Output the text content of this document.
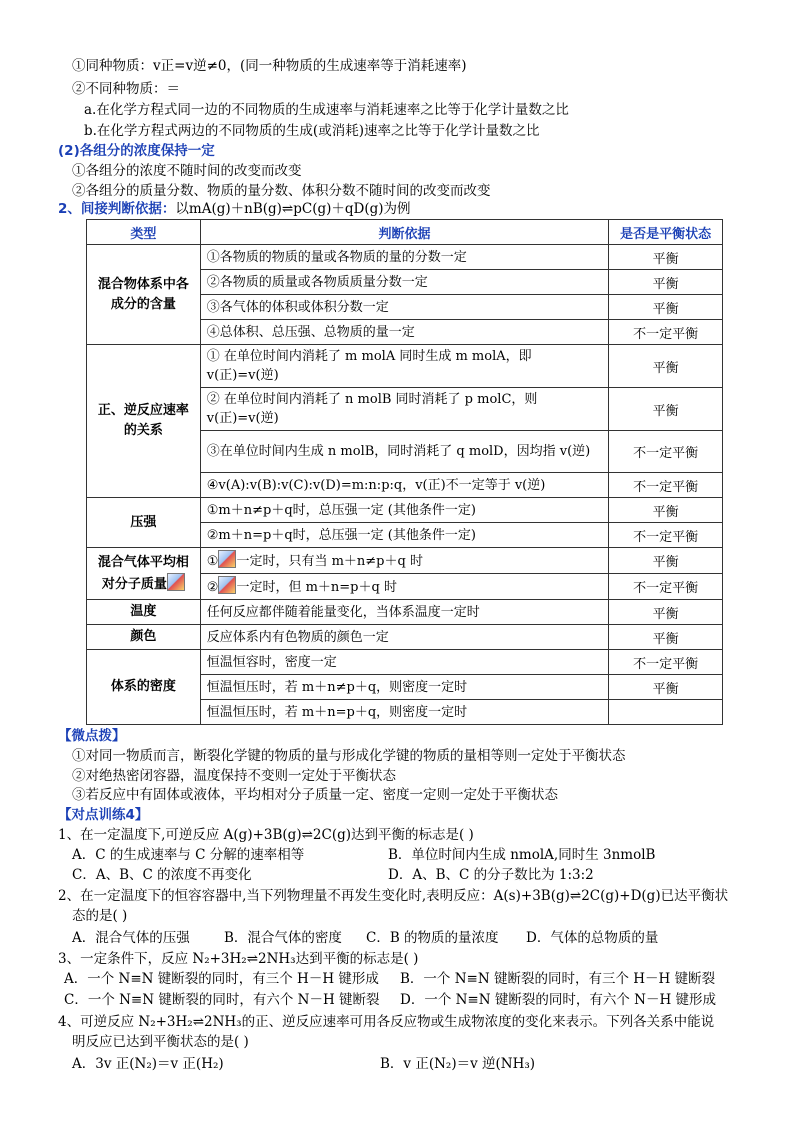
①同种物质：v正=v逆≠0，(同一种物质的生成速率等于消耗速率)
②不同种物质：＝
a.在化学方程式同一边的不同物质的生成速率与消耗速率之比等于化学计量数之比
b.在化学方程式两边的不同物质的生成(或消耗)速率之比等于化学计量数之比
(2)各组分的浓度保持一定
①各组分的浓度不随时间的改变而改变
②各组分的质量分数、物质的量分数、体积分数不随时间的改变而改变
2、间接判断依据：以mA(g)＋nB(g)⇌pC(g)＋qD(g)为例
类型	判断依据	是否是平衡状态
混合物体系中各成分的含量	①各物质的物质的量或各物质的量的分数一定	平衡
	②各物质的质量或各物质质量分数一定	平衡
	③各气体的体积或体积分数一定	平衡
	④总体积、总压强、总物质的量一定	不一定平衡
正、逆反应速率的关系	① 在单位时间内消耗了 m molA 同时生成 m molA，即 v(正)=v(逆)	平衡
	② 在单位时间内消耗了 n molB 同时消耗了 p molC，则 v(正)=v(逆)	平衡
	③在单位时间内生成 n molB，同时消耗了 q molD，因均指 v(逆)	不一定平衡
	④v(A):v(B):v(C):v(D)=m:n:p:q，v(正)不一定等于 v(逆)	不一定平衡
压强	①m＋n≠p＋q时，总压强一定 (其他条件一定)	平衡
	②m＋n=p＋q时，总压强一定 (其他条件一定)	不一定平衡
混合气体平均相对分子质量	① 一定时，只有当 m＋n≠p＋q 时	平衡
	② 一定时，但 m＋n=p＋q 时	不一定平衡
温度	任何反应都伴随着能量变化，当体系温度一定时	平衡
颜色	反应体系内有色物质的颜色一定	平衡
体系的密度	恒温恒容时，密度一定	不一定平衡
	恒温恒压时，若 m＋n≠p＋q，则密度一定时	平衡
	恒温恒压时，若 m＋n=p＋q，则密度一定时	
【微点拨】
①对同一物质而言，断裂化学键的物质的量与形成化学键的物质的量相等则一定处于平衡状态
②对绝热密闭容器，温度保持不变则一定处于平衡状态
③若反应中有固体或液体，平均相对分子质量一定、密度一定则一定处于平衡状态
【对点训练4】
1、在一定温度下,可逆反应 A(g)+3B(g)⇌2C(g)达到平衡的标志是( )
A．C 的生成速率与 C 分解的速率相等	B．单位时间内生成 nmolA,同时生 3nmolB
C．A、B、C 的浓度不再变化	D．A、B、C 的分子数比为 1:3:2
2、在一定温度下的恒容容器中,当下列物理量不再发生变化时,表明反应：A(s)+3B(g)⇌2C(g)+D(g)已达平衡状
态的是( )
A．混合气体的压强	B．混合气体的密度 C．B 的物质的量浓度 D．气体的总物质的量
3、一定条件下，反应 N₂+3H₂⇌2NH₃达到平衡的标志是( )
A．一个 N≡N 键断裂的同时，有三个 H－H 键形成 B．一个 N≡N 键断裂的同时，有三个 H－H 键断裂
C．一个 N≡N 键断裂的同时，有六个 N－H 键断裂 D．一个 N≡N 键断裂的同时，有六个 N－H 键形成
4、可逆反应 N₂+3H₂⇌2NH₃的正、逆反应速率可用各反应物或生成物浓度的变化来表示。下列各关系中能说
明反应已达到平衡状态的是( )
A．3v 正(N₂)＝v 正(H₂)	B．v 正(N₂)＝v 逆(NH₃)
